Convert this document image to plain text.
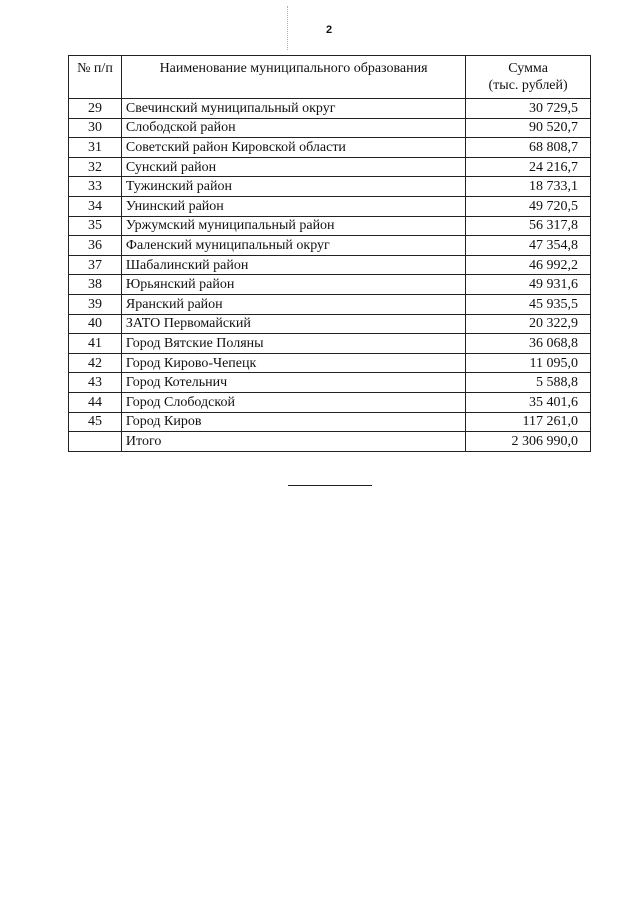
2
№ п/п	Наименование муниципального образования	Сумма
(тыс. рублей)

29	Свечинский муниципальный округ	30 729,5
30	Слободской район	90 520,7
31	Советский район Кировской области	68 808,7
32	Сунский район	24 216,7
33	Тужинский район	18 733,1
34	Унинский район	49 720,5
35	Уржумский муниципальный район	56 317,8
36	Фаленский муниципальный округ	47 354,8
37	Шабалинский район	46 992,2
38	Юрьянский район	49 931,6
39	Яранский район	45 935,5
40	ЗАТО Первомайский	20 322,9
41	Город Вятские Поляны	36 068,8
42	Город Кирово-Чепецк	11 095,0
43	Город Котельнич	5 588,8
44	Город Слободской	35 401,6
45	Город Киров	117 261,0
	Итого	2 306 990,0
